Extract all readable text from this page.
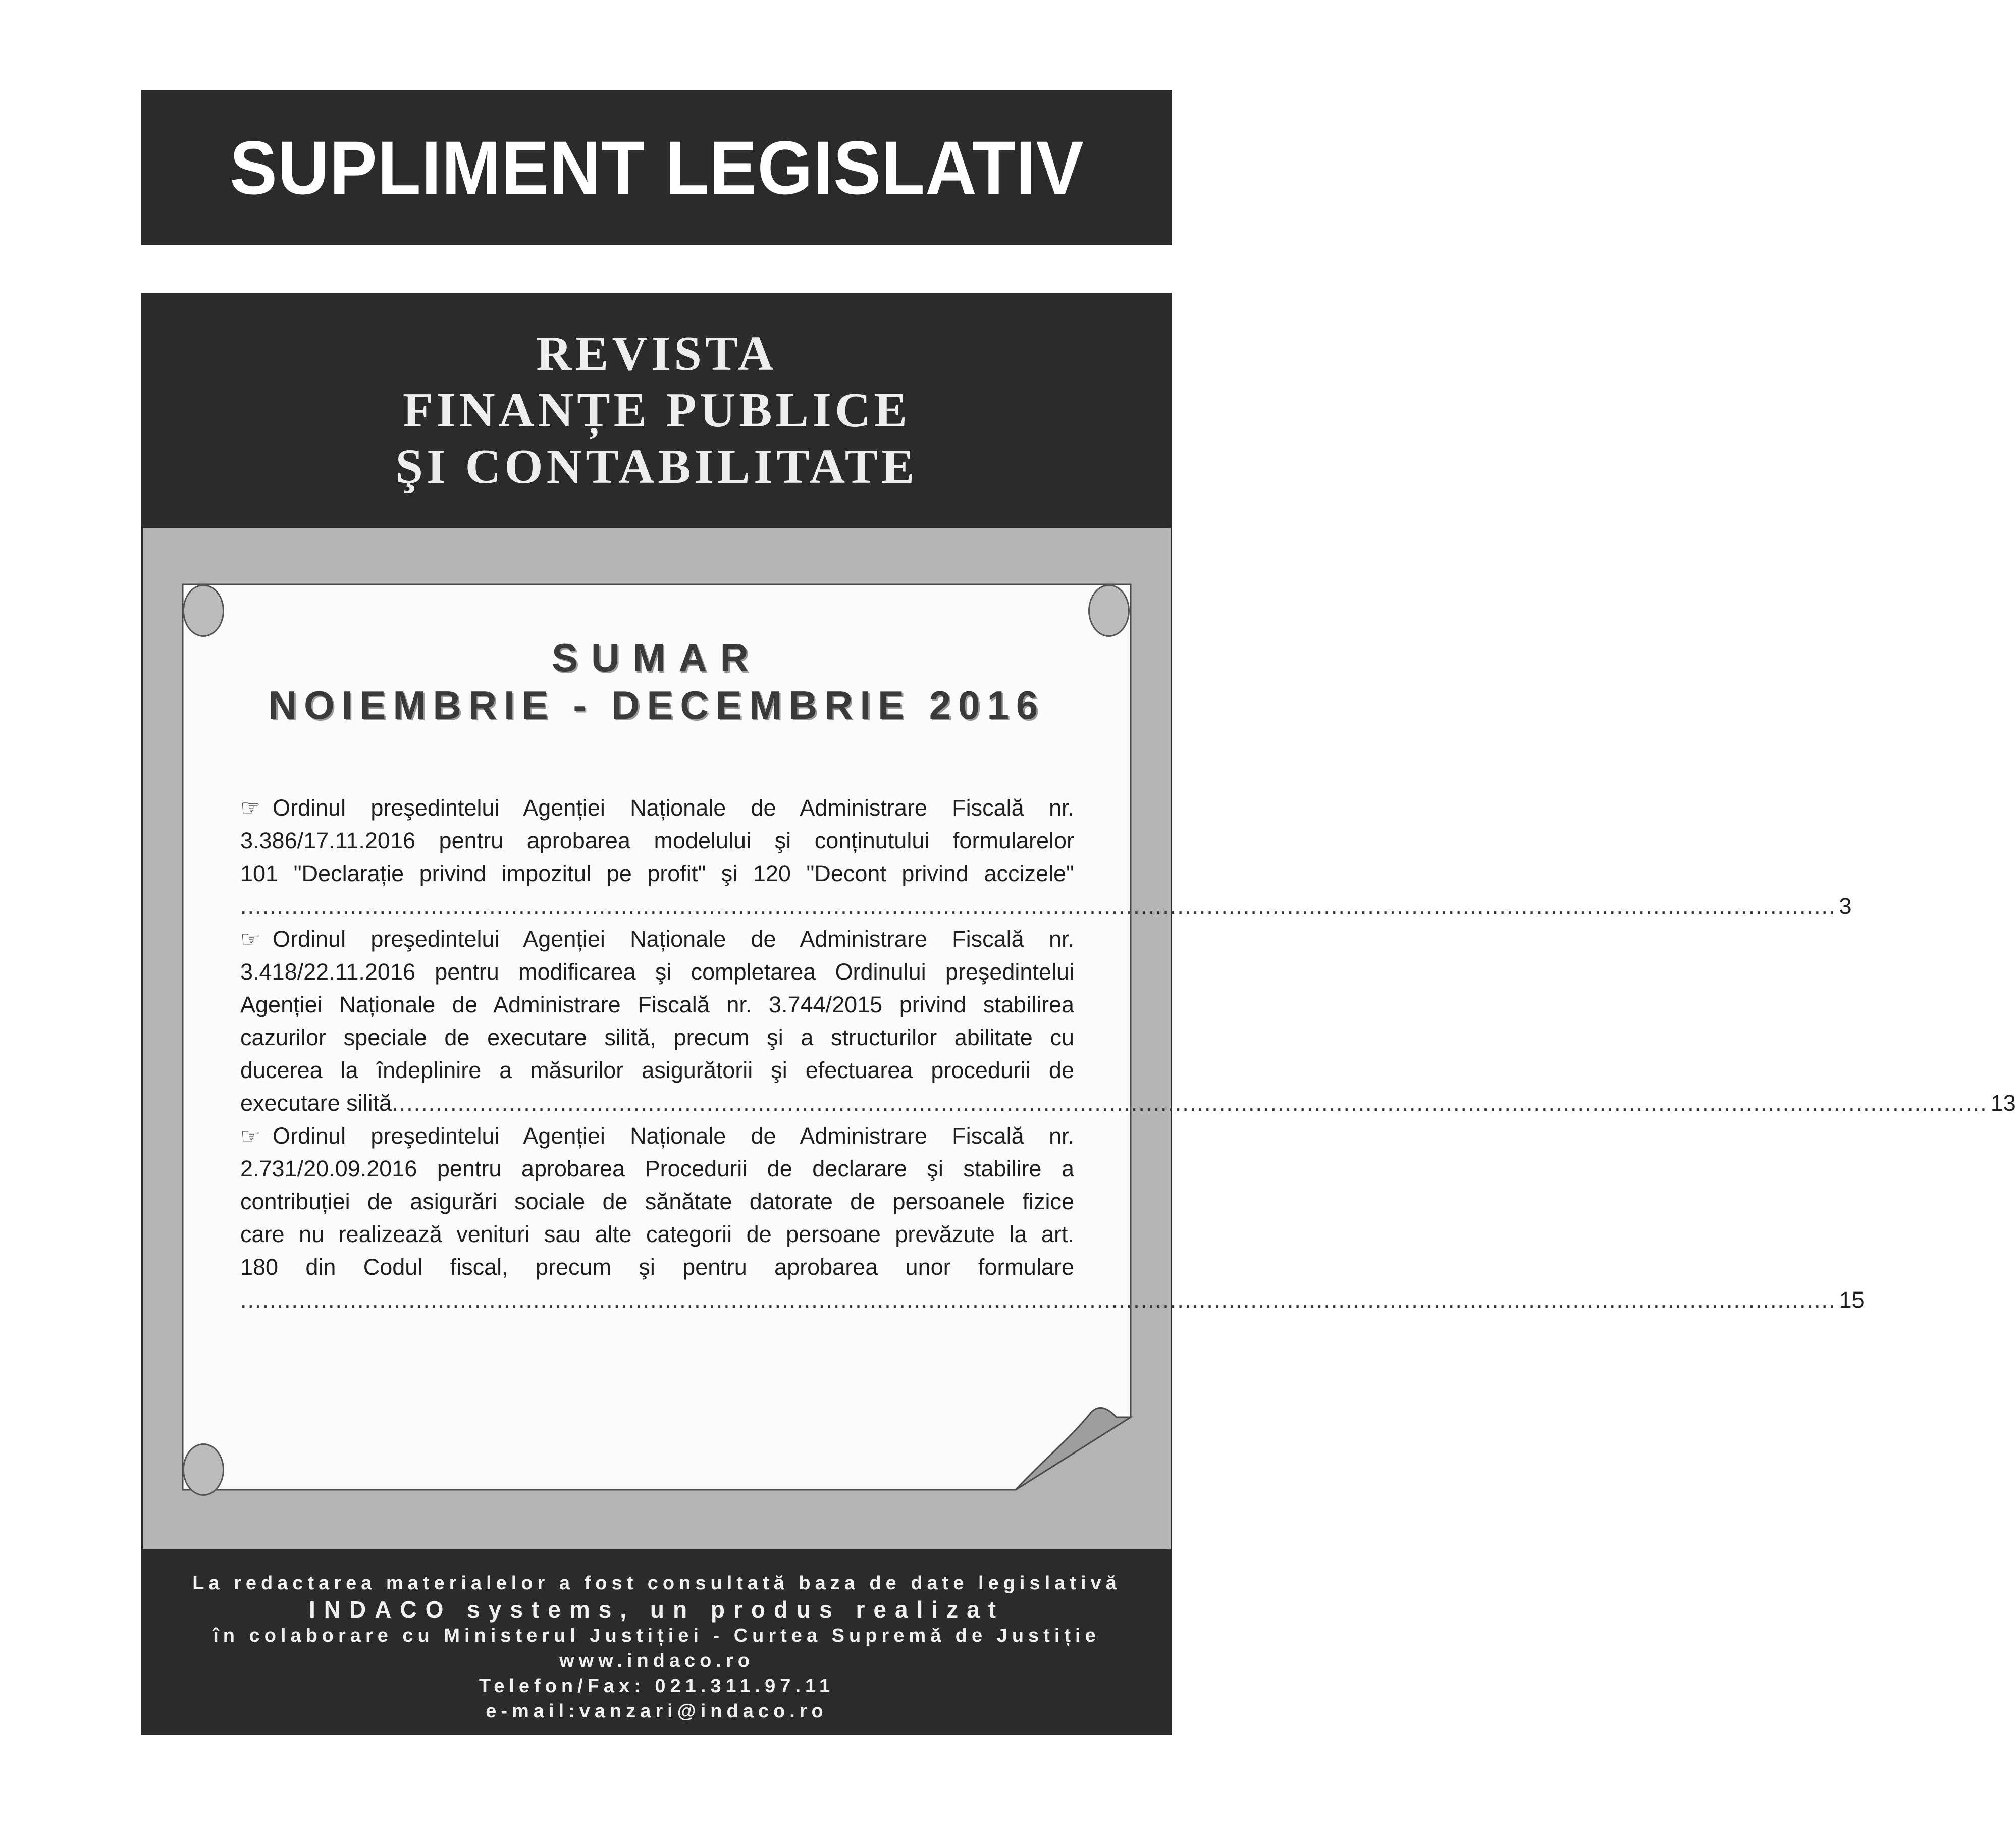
SUPLIMENT LEGISLATIV
REVISTA
FINANȚE PUBLICE
ŞI CONTABILITATE
SUMAR
NOIEMBRIE - DECEMBRIE 2016
☞ Ordinul preşedintelui Agenției Naționale de Administrare Fiscală nr.
3.386/17.11.2016 pentru aprobarea modelului şi conținutului formularelor
101 "Declarație privind impozitul pe profit" şi 120 "Decont privind accizele"
.......................................................................................................................................................................................................................... 3
☞ Ordinul preşedintelui Agenției Naționale de Administrare Fiscală nr.
3.418/22.11.2016 pentru modificarea şi completarea Ordinului preşedintelui
Agenției Naționale de Administrare Fiscală nr. 3.744/2015 privind stabilirea
cazurilor speciale de executare silită, precum şi a structurilor abilitate cu
ducerea la îndeplinire a măsurilor asigurătorii şi efectuarea procedurii de
executare silită .......................................................................................................................................................................................................................... 13
☞ Ordinul preşedintelui Agenției Naționale de Administrare Fiscală nr.
2.731/20.09.2016 pentru aprobarea Procedurii de declarare şi stabilire a
contribuției de asigurări sociale de sănătate datorate de persoanele fizice
care nu realizează venituri sau alte categorii de persoane prevăzute la art.
180 din Codul fiscal, precum şi pentru aprobarea unor formulare
.......................................................................................................................................................................................................................... 15
La redactarea materialelor a fost consultată baza de date legislativă
INDACO systems, un produs realizat
în colaborare cu Ministerul Justiției - Curtea Supremă de Justiție
www.indaco.ro
Telefon/Fax: 021.311.97.11
e-mail:vanzari@indaco.ro
